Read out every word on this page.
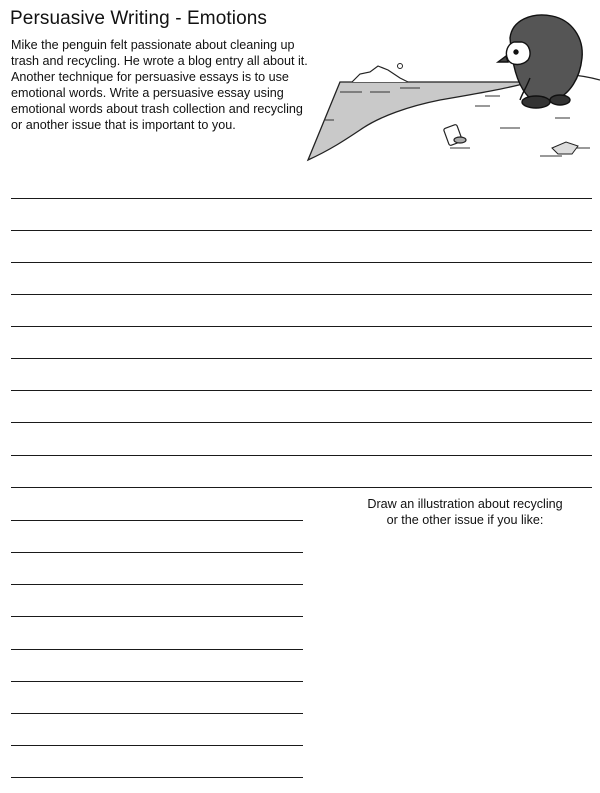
Persuasive Writing - Emotions

Mike the penguin felt passionate about cleaning up trash and recycling. He wrote a blog entry all about it. Another technique for persuasive essays is to use emotional words. Write a persuasive essay using emotional words about trash collection and recycling or another issue that is important to you.

Draw an illustration about recycling
or the other issue if you like:
